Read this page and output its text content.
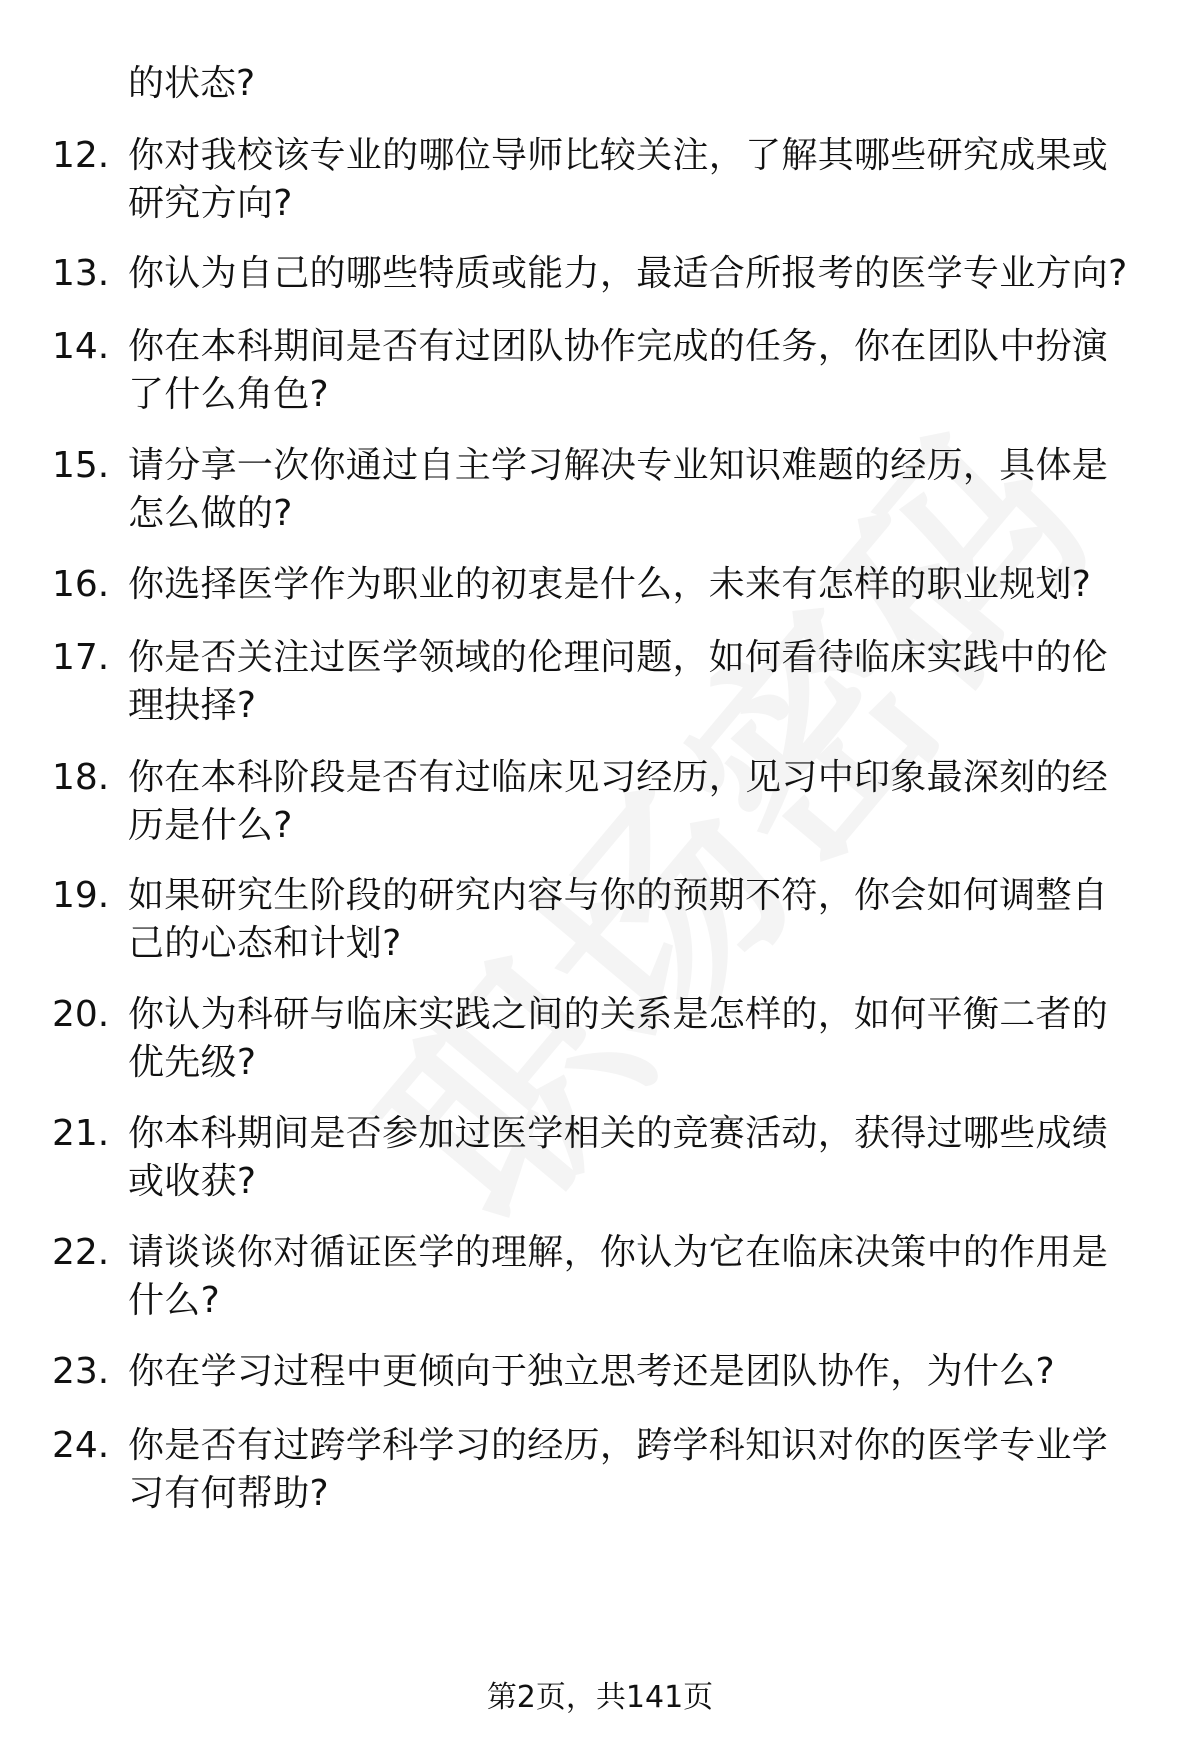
的状态?
12. 你对我校该专业的哪位导师比较关注，了解其哪些研究成果或研究方向?
13. 你认为自己的哪些特质或能力，最适合所报考的医学专业方向?
14. 你在本科期间是否有过团队协作完成的任务，你在团队中扮演了什么角色?
15. 请分享一次你通过自主学习解决专业知识难题的经历，具体是怎么做的?
16. 你选择医学作为职业的初衷是什么，未来有怎样的职业规划?
17. 你是否关注过医学领域的伦理问题，如何看待临床实践中的伦理抉择?
18. 你在本科阶段是否有过临床见习经历，见习中印象最深刻的经历是什么?
19. 如果研究生阶段的研究内容与你的预期不符，你会如何调整自己的心态和计划?
20. 你认为科研与临床实践之间的关系是怎样的，如何平衡二者的优先级?
21. 你本科期间是否参加过医学相关的竞赛活动，获得过哪些成绩或收获?
22. 请谈谈你对循证医学的理解，你认为它在临床决策中的作用是什么?
23. 你在学习过程中更倾向于独立思考还是团队协作，为什么?
24. 你是否有过跨学科学习的经历，跨学科知识对你的医学专业学习有何帮助?
第2页，共141页
